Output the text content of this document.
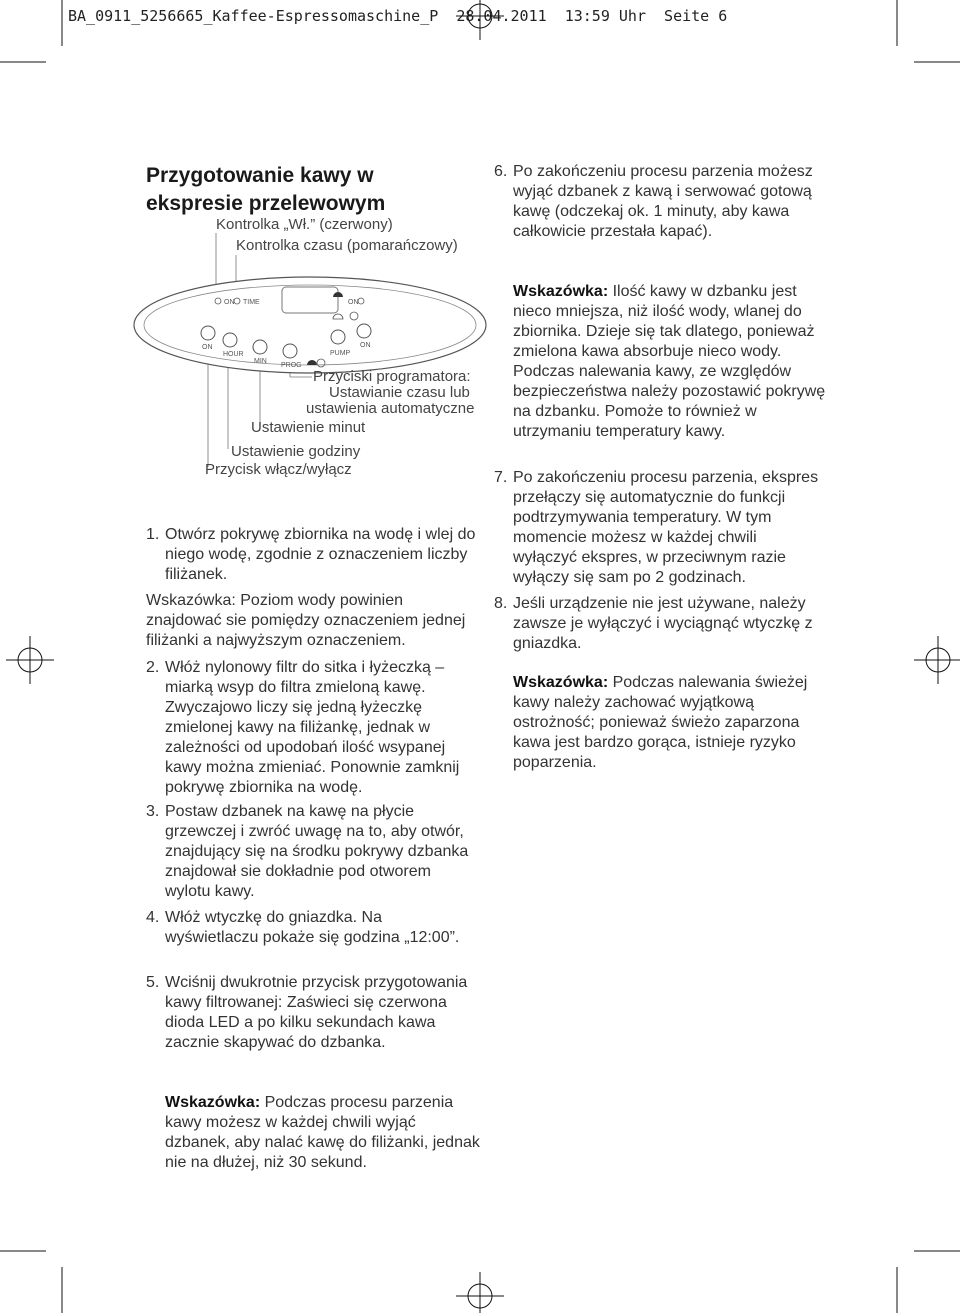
BA_0911_5256665_Kaffee-Espressomaschine_P 28.04.2011 13:59 Uhr Seite 6
Przygotowanie kawy w
ekspresie przelewowym
Kontrolka „Wł.” (czerwony)
Kontrolka czasu (pomarańczowy)
ON TIME	ON
ON
HOUR
MIN
PROG
PUMP
ON
Przyciski programatora:
Ustawianie czasu lub
ustawienia automatyczne
Ustawienie minut
Ustawienie godziny
Przycisk włącz/wyłącz
1. Otwórz pokrywę zbiornika na wodę i wlej do niego wodę, zgodnie z oznaczeniem liczby filiżanek.
Wskazówka: Poziom wody powinien znajdować sie pomiędzy oznaczeniem jednej filiżanki a najwyższym oznaczeniem.
2. Włóż nylonowy filtr do sitka i łyżeczką – miarką wsyp do filtra zmieloną kawę. Zwyczajowo liczy się jedną łyżeczkę zmielonej kawy na filiżankę, jednak w zależności od upodobań ilość wsypanej kawy można zmieniać. Ponownie zamknij pokrywę zbiornika na wodę.
3. Postaw dzbanek na kawę na płycie grzewczej i zwróć uwagę na to, aby otwór, znajdujący się na środku pokrywy dzbanka znajdował sie dokładnie pod otworem wylotu kawy.
4. Włóż wtyczkę do gniazdka. Na wyświetlaczu pokaże się godzina „12:00”.
5. Wciśnij dwukrotnie przycisk przygotowania kawy filtrowanej: Zaświeci się czerwona dioda LED a po kilku sekundach kawa zacznie skapywać do dzbanka.
Wskazówka: Podczas procesu parzenia kawy możesz w każdej chwili wyjąć dzbanek, aby nalać kawę do filiżanki, jednak nie na dłużej, niż 30 sekund.
6. Po zakończeniu procesu parzenia możesz wyjąć dzbanek z kawą i serwować gotową kawę (odczekaj ok. 1 minuty, aby kawa całkowicie przestała kapać).
Wskazówka: Ilość kawy w dzbanku jest nieco mniejsza, niż ilość wody, wlanej do zbiornika. Dzieje się tak dlatego, ponieważ zmielona kawa absorbuje nieco wody. Podczas nalewania kawy, ze względów bezpieczeństwa należy pozostawić pokrywę na dzbanku. Pomoże to również w utrzymaniu temperatury kawy.
7. Po zakończeniu procesu parzenia, ekspres przełączy się automatycznie do funkcji podtrzymywania temperatury. W tym momencie możesz w każdej chwili wyłączyć ekspres, w przeciwnym razie wyłączy się sam po 2 godzinach.
8. Jeśli urządzenie nie jest używane, należy zawsze je wyłączyć i wyciągnąć wtyczkę z gniazdka.
Wskazówka: Podczas nalewania świeżej kawy należy zachować wyjątkową ostrożność; ponieważ świeżo zaparzona kawa jest bardzo gorąca, istnieje ryzyko poparzenia.
